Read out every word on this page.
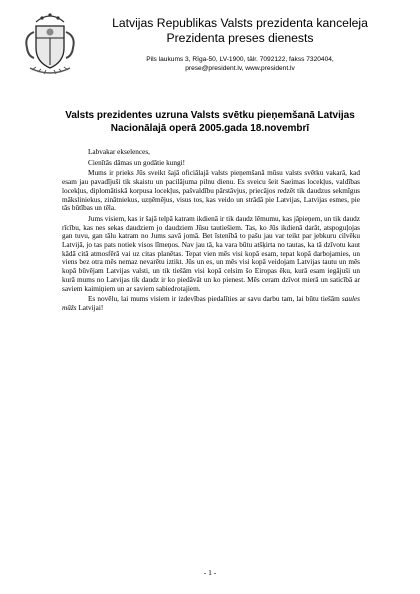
Latvijas Republikas Valsts prezidenta kanceleja
Prezidenta preses dienests
Pils laukums 3, Rīga-50, LV-1900, tālr. 7092122, fakss 7320404,
prese@president.lv, www.president.lv
Valsts prezidentes uzruna Valsts svētku pieņemšanā Latvijas
Nacionālajā operā 2005.gada 18.novembrī

Labvakar ekselences,

Cienītās dāmas un godātie kungi!

Mums ir prieks Jūs sveikt šajā oficiālajā valsts pieņemšanā mūsu valsts svētku vakarā, kad esam jau pavadījuši tik skaistu un pacilājuma pilnu dienu. Es sveicu šeit Saeimas locekļus, valdības locekļus, diplomātiskā korpusa locekļus, pašvaldību pārstāvjus, priecājos redzēt tik daudzus sekmīgus māksliniekus, zinātniekus, uzņēmējus, visus tos, kas veido un strādā pie Latvijas, Latvijas esmes, pie tās būtības un tēla.

Jums visiem, kas ir šajā telpā katram ikdienā ir tik daudz lēmumu, kas jāpieņem, un tik daudz rīcību, kas nes sekas daudziem jo daudziem Jūsu tautiešiem. Tas, ko Jūs ikdienā darāt, atspoguļojas gan tuvu, gan tālu katram no Jums savā jomā. Bet īstenībā to pašu jau var teikt par jebkuru cilvēku Latvijā, jo tas pats notiek visos līmeņos. Nav jau tā, ka vara būtu atšķirta no tautas, ka tā dzīvotu kaut kādā citā atmosfērā vai uz citas planētas. Tepat vien mēs visi kopā esam, tepat kopā darbojamies, un viens bez otra mēs nemaz nevarētu iztikt. Jūs un es, un mēs visi kopā veidojam Latvijas tautu un mēs kopā būvējam Latvijas valsti, un tik tiešām visi kopā celsim šo Eiropas ēku, kurā esam iegājuši un kurā mums no Latvijas tik daudz ir ko piedāvāt un ko pienest. Mēs ceram dzīvot mierā un saticībā ar saviem kaimiņiem un ar saviem sabiedrotajiem.

Es novēlu, lai mums visiem ir izdevības piedalīties ar savu darbu tam, lai būtu tiešām saules mūžs Latvijai!

- 1 -
